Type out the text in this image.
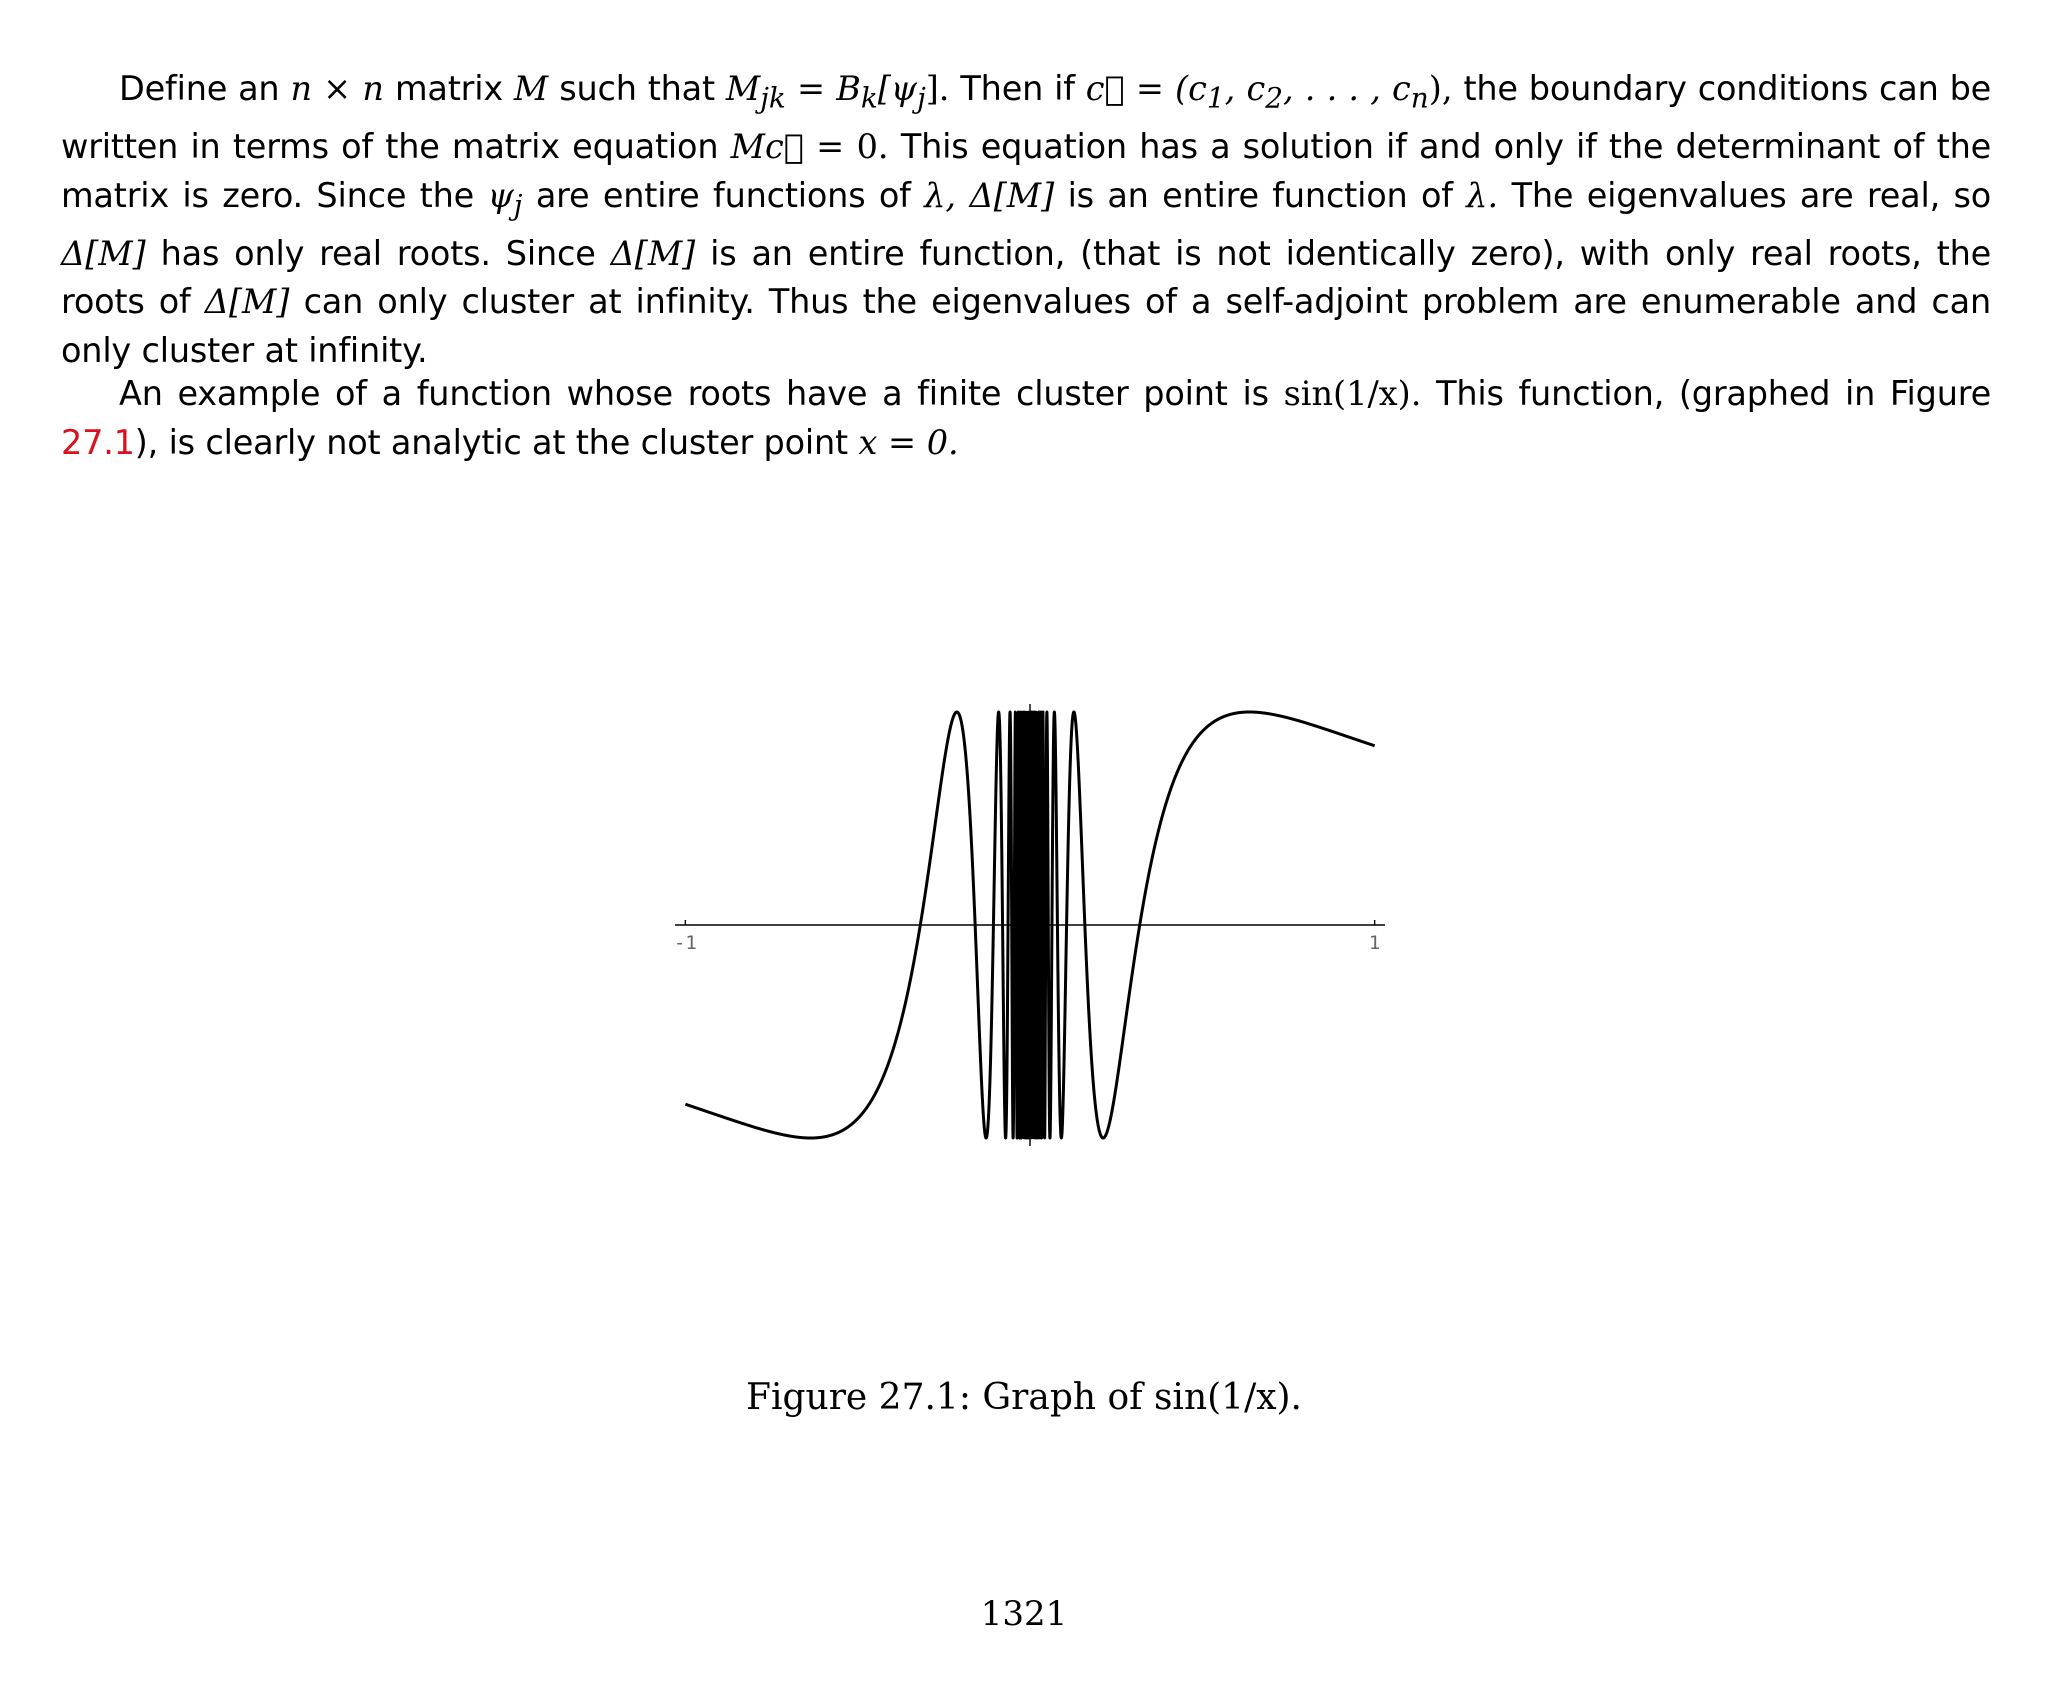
Define an n × n matrix M such that $M_{jk} = B_k[\psi_j]$. Then if c⃗ = ($c_1$, $c_2$, . . . , $c_n$), the boundary conditions can be written in terms of the matrix equation Mc⃗ = 0. This equation has a solution if and only if the determinant of the matrix is zero. Since the $\psi_j$ are entire functions of λ, Δ[M] is an entire function of λ. The eigenvalues are real, so Δ[M] has only real roots. Since Δ[M] is an entire function, (that is not identically zero), with only real roots, the roots of Δ[M] can only cluster at infinity. Thus the eigenvalues of a self-adjoint problem are enumerable and can only cluster at infinity.
An example of a function whose roots have a finite cluster point is sin(1/x). This function, (graphed in Figure 27.1), is clearly not analytic at the cluster point x = 0.
-1	1
Figure 27.1: Graph of sin(1/x).
1321
